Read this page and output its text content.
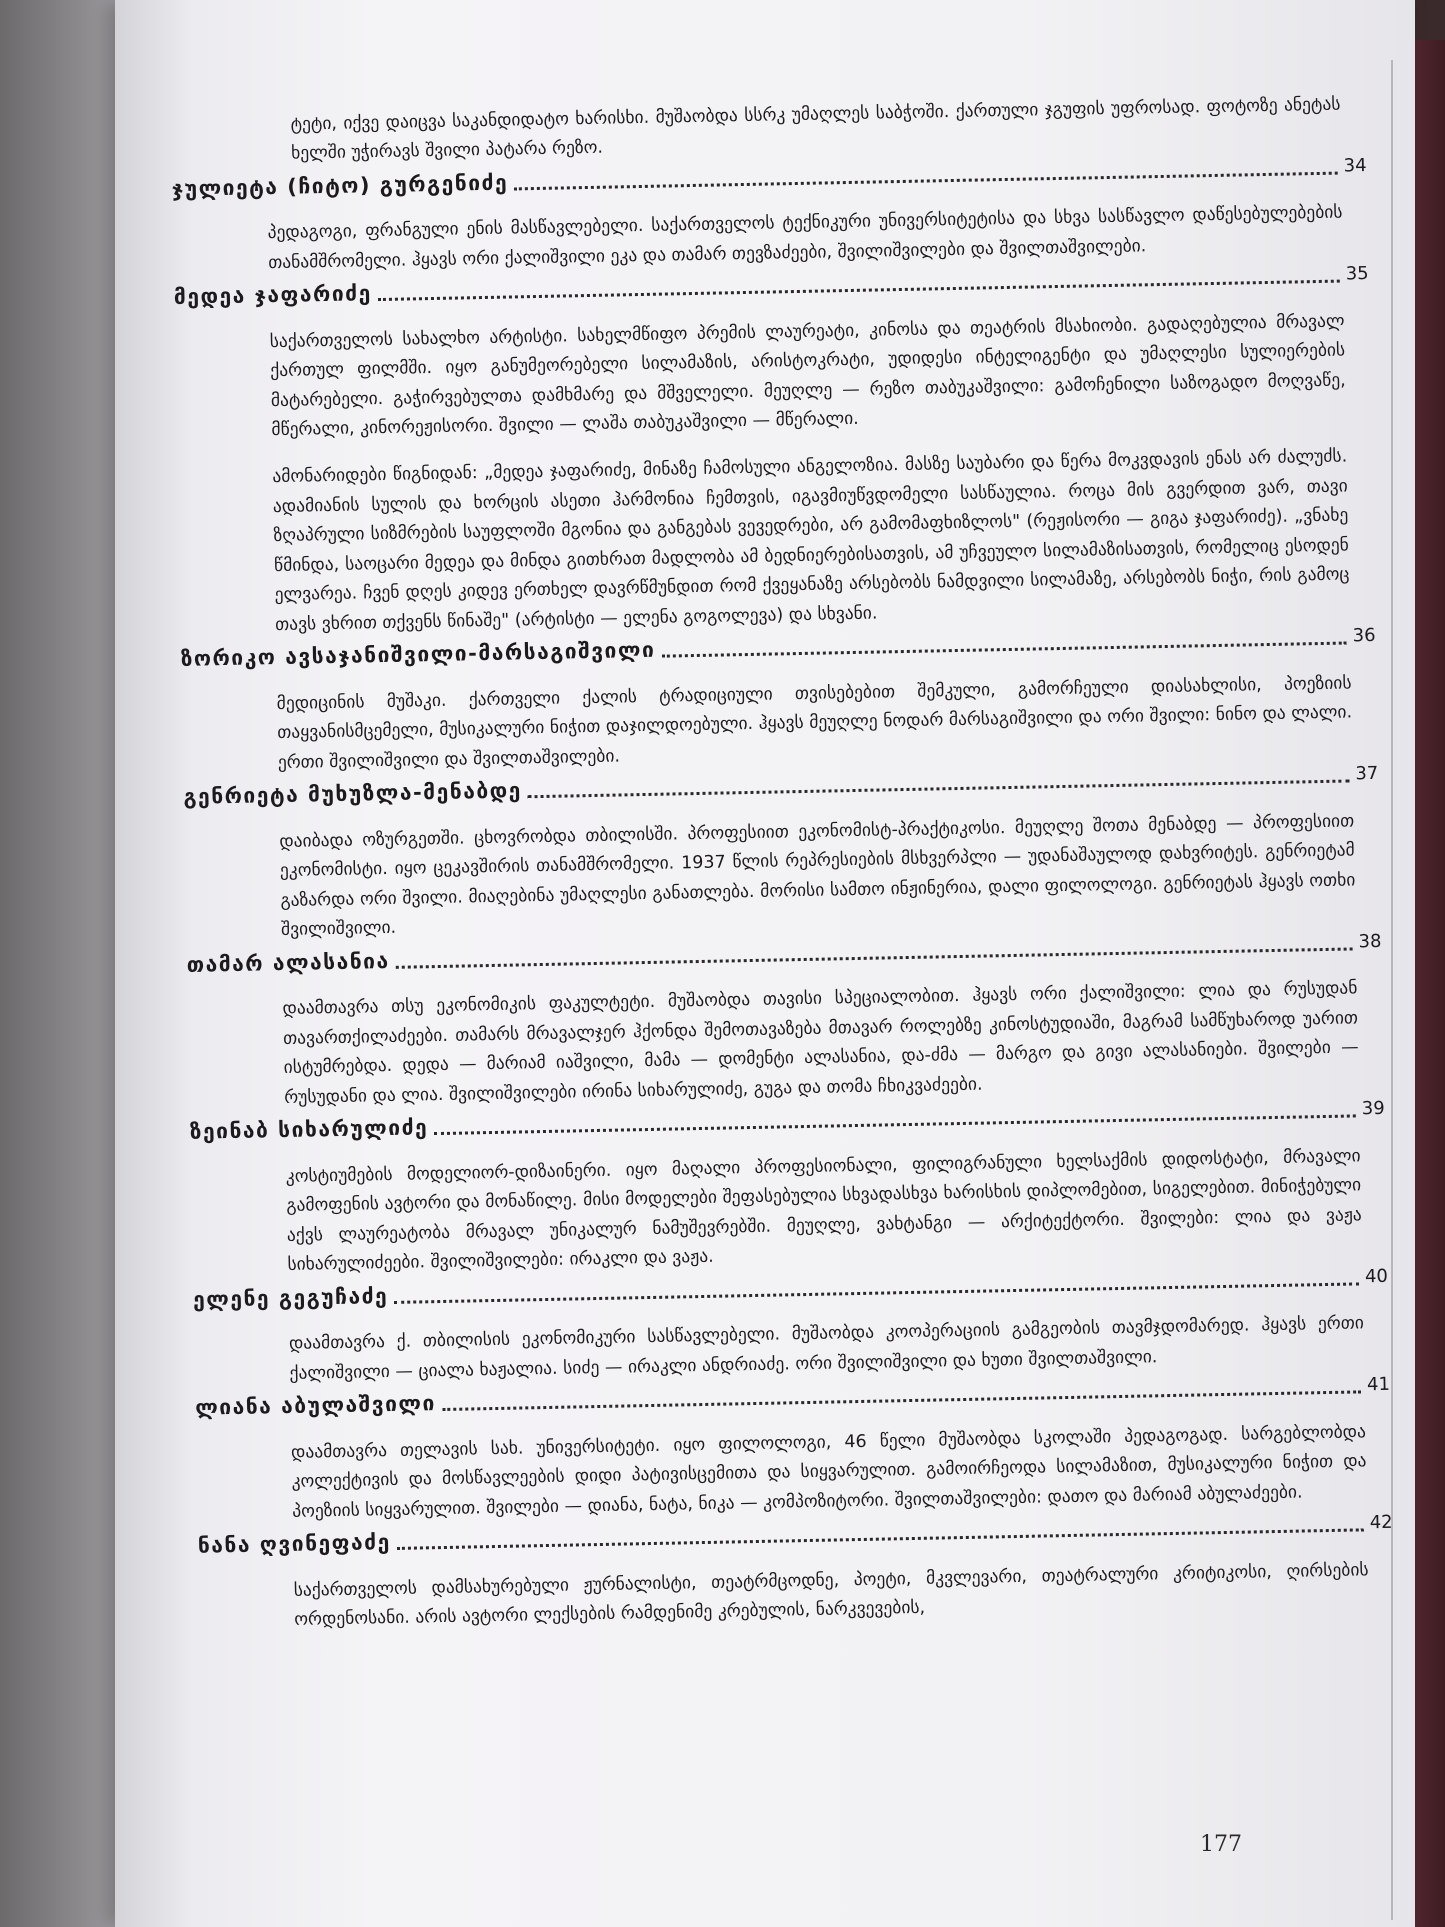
ტეტი, იქვე დაიცვა საკანდიდატო ხარისხი. მუშაობდა სსრკ უმაღლეს საბჭოში. ქართული ჯგუფის უფროსად. ფოტოზე ანეტას ხელში უჭირავს შვილი პატარა რეზო.

ჯულიეტა (ჩიტო) გურგენიძე
34

პედაგოგი, ფრანგული ენის მასწავლებელი. საქართველოს ტექნიკური უნივერსიტეტისა და სხვა სასწავლო დაწესებულებების თანამშრომელი. ჰყავს ორი ქალიშვილი ეკა და თამარ თევზაძეები, შვილიშვილები და შვილთაშვილები.

მედეა ჯაფარიძე
35

საქართველოს სახალხო არტისტი. სახელმწიფო პრემის ლაურეატი, კინოსა და თეატრის მსახიობი. გადაღებულია მრავალ ქართულ ფილმში. იყო განუმეორებელი სილამაზის, არისტოკრატი, უდიდესი ინტელიგენტი და უმაღლესი სულიერების მატარებელი. გაჭირვებულთა დამხმარე და მშველელი. მეუღლე — რეზო თაბუკაშვილი: გამოჩენილი საზოგადო მოღვაწე, მწერალი, კინორეჟისორი. შვილი — ლაშა თაბუკაშვილი — მწერალი.

ამონარიდები წიგნიდან: „მედეა ჯაფარიძე, მინაზე ჩამოსული ანგელოზია. მასზე საუბარი და წერა მოკვდავის ენას არ ძალუძს. ადამიანის სულის და ხორცის ასეთი ჰარმონია ჩემთვის, იგავმიუწვდომელი სასწაულია. როცა მის გვერდით ვარ, თავი ზღაპრული სიზმრების საუფლოში მგონია და განგებას ვევედრები, არ გამომაფხიზლოს" (რეჟისორი — გიგა ჯაფარიძე). „ვნახე წმინდა, საოცარი მედეა და მინდა გითხრათ მადლობა ამ ბედნიერებისათვის, ამ უჩვეულო სილამაზისათვის, რომელიც ესოდენ ელვარეა. ჩვენ დღეს კიდევ ერთხელ დავრწმუნდით რომ ქვეყანაზე არსებობს ნამდვილი სილამაზე, არსებობს ნიჭი, რის გამოც თავს ვხრით თქვენს წინაშე" (არტისტი — ელენა გოგოლევა) და სხვანი.

ზორიკო ავსაჯანიშვილი-მარსაგიშვილი
36

მედიცინის მუშაკი. ქართველი ქალის ტრადიციული თვისებებით შემკული, გამორჩეული დიასახლისი, პოეზიის თაყვანისმცემელი, მუსიკალური ნიჭით დაჯილდოებული. ჰყავს მეუღლე ნოდარ მარსაგიშვილი და ორი შვილი: ნინო და ლალი. ერთი შვილიშვილი და შვილთაშვილები.

გენრიეტა მუხუზლა-მენაბდე
37

დაიბადა ოზურგეთში. ცხოვრობდა თბილისში. პროფესიით ეკონომისტ-პრაქტიკოსი. მეუღლე შოთა მენაბდე — პროფესიით ეკონომისტი. იყო ცეკავშირის თანამშრომელი. 1937 წლის რეპრესიების მსხვერპლი — უდანაშაულოდ დახვრიტეს. გენრიეტამ გაზარდა ორი შვილი. მიაღებინა უმაღლესი განათლება. მორისი სამთო ინჟინერია, დალი ფილოლოგი. გენრიეტას ჰყავს ოთხი შვილიშვილი.

თამარ ალასანია
38

დაამთავრა თსუ ეკონომიკის ფაკულტეტი. მუშაობდა თავისი სპეციალობით. ჰყავს ორი ქალიშვილი: ლია და რუსუდან თავართქილაძეები. თამარს მრავალჯერ ჰქონდა შემოთავაზება მთავარ როლებზე კინოსტუდიაში, მაგრამ სამწუხაროდ უარით ისტუმრებდა. დედა — მარიამ იაშვილი, მამა — დომენტი ალასანია, და-ძმა — მარგო და გივი ალასანიები. შვილები — რუსუდანი და ლია. შვილიშვილები ირინა სიხარულიძე, გუგა და თომა ჩხიკვაძეები.

ზეინაბ სიხარულიძე
39

კოსტიუმების მოდელიორ-დიზაინერი. იყო მაღალი პროფესიონალი, ფილიგრანული ხელსაქმის დიდოსტატი, მრავალი გამოფენის ავტორი და მონაწილე. მისი მოდელები შეფასებულია სხვადასხვა ხარისხის დიპლომებით, სიგელებით. მინიჭებული აქვს ლაურეატობა მრავალ უნიკალურ ნამუშევრებში. მეუღლე, ვახტანგი — არქიტექტორი. შვილები: ლია და ვაჟა სიხარულიძეები. შვილიშვილები: ირაკლი და ვაჟა.

ელენე გეგუჩაძე
40

დაამთავრა ქ. თბილისის ეკონომიკური სასწავლებელი. მუშაობდა კოოპერაციის გამგეობის თავმჯდომარედ. ჰყავს ერთი ქალიშვილი — ციალა ხაჟალია. სიძე — ირაკლი ანდრიაძე. ორი შვილიშვილი და ხუთი შვილთაშვილი.

ლიანა აბულაშვილი
41

დაამთავრა თელავის სახ. უნივერსიტეტი. იყო ფილოლოგი, 46 წელი მუშაობდა სკოლაში პედაგოგად. სარგებლობდა კოლექტივის და მოსწავლეების დიდი პატივისცემითა და სიყვარულით. გამოირჩეოდა სილამაზით, მუსიკალური ნიჭით და პოეზიის სიყვარულით. შვილები — დიანა, ნატა, ნიკა — კომპოზიტორი. შვილთაშვილები: დათო და მარიამ აბულაძეები.

ნანა ღვინეფაძე
42

საქართველოს დამსახურებული ჟურნალისტი, თეატრმცოდნე, პოეტი, მკვლევარი, თეატრალური კრიტიკოსი, ღირსების ორდენოსანი. არის ავტორი ლექსების რამდენიმე კრებულის, ნარკვევების,

177
